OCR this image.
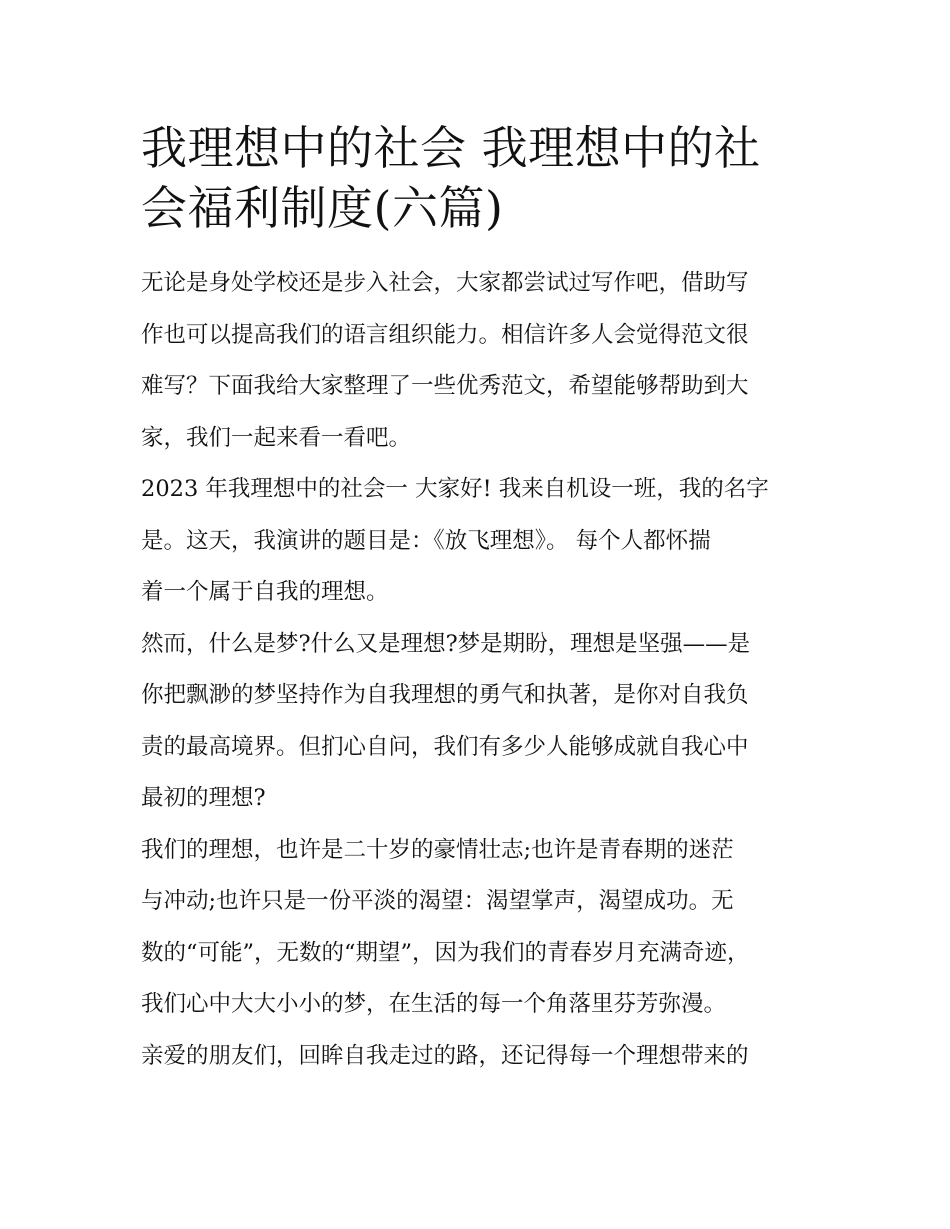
我理想中的社会 我理想中的社
会福利制度(六篇)

无论是身处学校还是步入社会，大家都尝试过写作吧，借助写
作也可以提高我们的语言组织能力。相信许多人会觉得范文很
难写？下面我给大家整理了一些优秀范文，希望能够帮助到大
家，我们一起来看一看吧。

2023 年我理想中的社会一 大家好! 我来自机设一班，我的名字
是。这天，我演讲的题目是：《放飞理想》。 每个人都怀揣
着一个属于自我的理想。

然而，什么是梦?什么又是理想?梦是期盼，理想是坚强——是
你把飘渺的梦坚持作为自我理想的勇气和执著，是你对自我负
责的最高境界。但扪心自问，我们有多少人能够成就自我心中
最初的理想?

我们的理想，也许是二十岁的豪情壮志;也许是青春期的迷茫
与冲动;也许只是一份平淡的渴望：渴望掌声，渴望成功。无
数的“可能”，无数的“期望”，因为我们的青春岁月充满奇迹，
我们心中大大小小的梦，在生活的每一个角落里芬芳弥漫。

亲爱的朋友们，回眸自我走过的路，还记得每一个理想带来的
